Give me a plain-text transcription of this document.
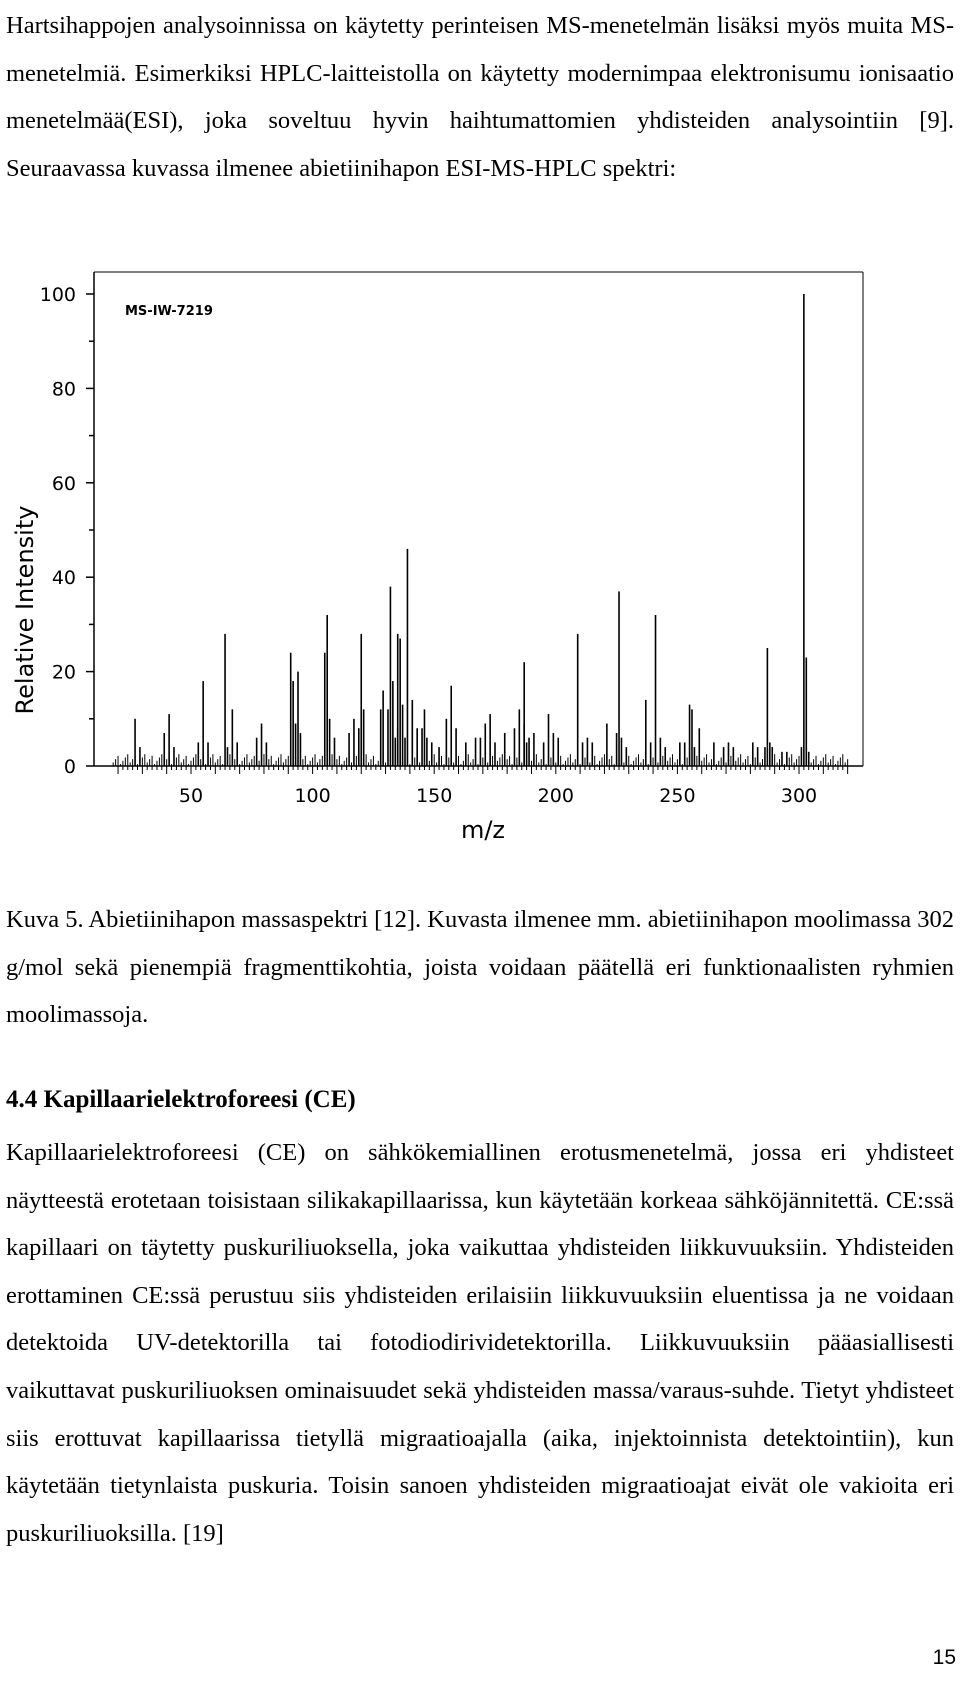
Hartsihappojen analysoinnissa on käytetty perinteisen MS-menetelmän lisäksi myös muita MS-menetelmiä. Esimerkiksi HPLC-laitteistolla on käytetty modernimpaa elektronisumu ionisaatio menetelmää(ESI), joka soveltuu hyvin haihtumattomien yhdisteiden analysointiin [9]. Seuraavassa kuvassa ilmenee abietiinihapon ESI-MS-HPLC spektri:

0
20
40
60
80
100
50	100	150	200	250	300
MS-IW-7219
Relative Intensity
m/z

Kuva 5. Abietiinihapon massaspektri [12]. Kuvasta ilmenee mm. abietiinihapon moolimassa 302 g/mol sekä pienempiä fragmenttikohtia, joista voidaan päätellä eri funktionaalisten ryhmien moolimassoja.

4.4 Kapillaarielektroforeesi (CE)

Kapillaarielektroforeesi (CE) on sähkökemiallinen erotusmenetelmä, jossa eri yhdisteet näytteestä erotetaan toisistaan silikakapillaarissa, kun käytetään korkeaa sähköjännitettä. CE:ssä kapillaari on täytetty puskuriliuoksella, joka vaikuttaa yhdisteiden liikkuvuuksiin. Yhdisteiden erottaminen CE:ssä perustuu siis yhdisteiden erilaisiin liikkuvuuksiin eluentissa ja ne voidaan detektoida UV-detektorilla tai fotodiodirividetektorilla. Liikkuvuuksiin pääasiallisesti vaikuttavat puskuriliuoksen ominaisuudet sekä yhdisteiden massa/varaus-suhde. Tietyt yhdisteet siis erottuvat kapillaarissa tietyllä migraatioajalla (aika, injektoinnista detektointiin), kun käytetään tietynlaista puskuria. Toisin sanoen yhdisteiden migraatioajat eivät ole vakioita eri puskuriliuoksilla. [19]

15
